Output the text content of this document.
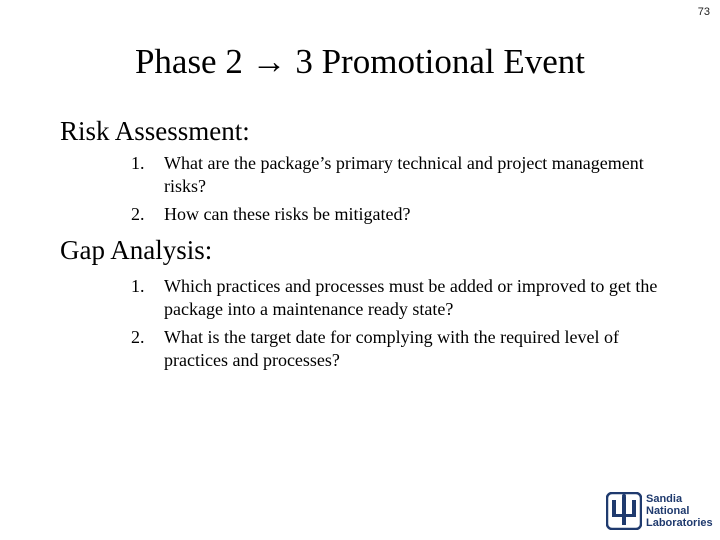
73
Phase 2 → 3 Promotional Event
Risk Assessment:
1. What are the package’s primary technical and project management risks?
2. How can these risks be mitigated?
Gap Analysis:
1. Which practices and processes must be added or improved to get the package into a maintenance ready state?
2. What is the target date for complying with the required level of practices and processes?
Sandia
National
Laboratories
